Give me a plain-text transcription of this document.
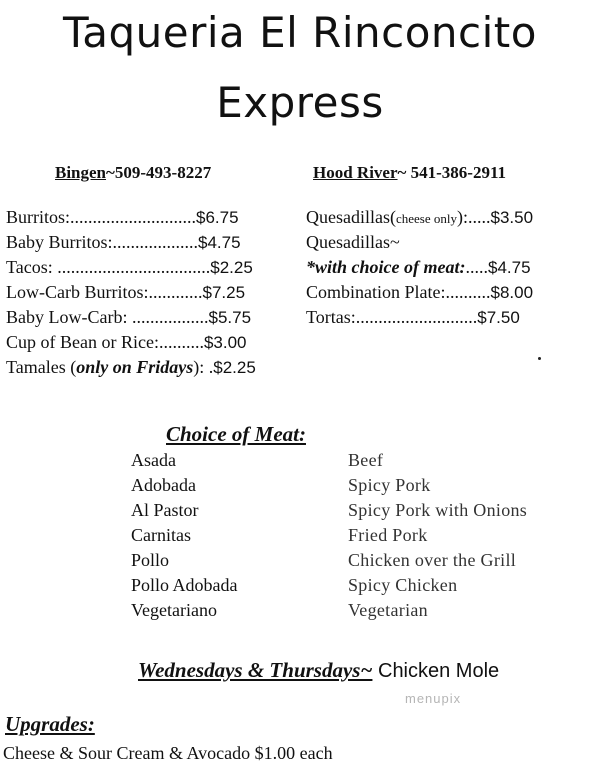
Taqueria El Rinconcito
Express
Bingen~509-493-8227	Hood River~ 541-386-2911
Burritos:............................$6.75
Baby Burritos:...................$4.75
Tacos: ..................................$2.25
Low-Carb Burritos:............$7.25
Baby Low-Carb: .................$5.75
Cup of Bean or Rice:..........$3.00
Tamales (only on Fridays): .$2.25
Quesadillas(cheese only):.....$3.50
Quesadillas~
*with choice of meat:.....$4.75
Combination Plate:..........$8.00
Tortas:...........................$7.50
Choice of Meat:
Asada
Adobada
Al Pastor
Carnitas
Pollo
Pollo Adobada
Vegetariano
Beef
Spicy Pork
Spicy Pork with Onions
Fried Pork
Chicken over the Grill
Spicy Chicken
Vegetarian
Wednesdays & Thursdays~ Chicken Mole
menupix
Upgrades:
Cheese & Sour Cream & Avocado $1.00 each
